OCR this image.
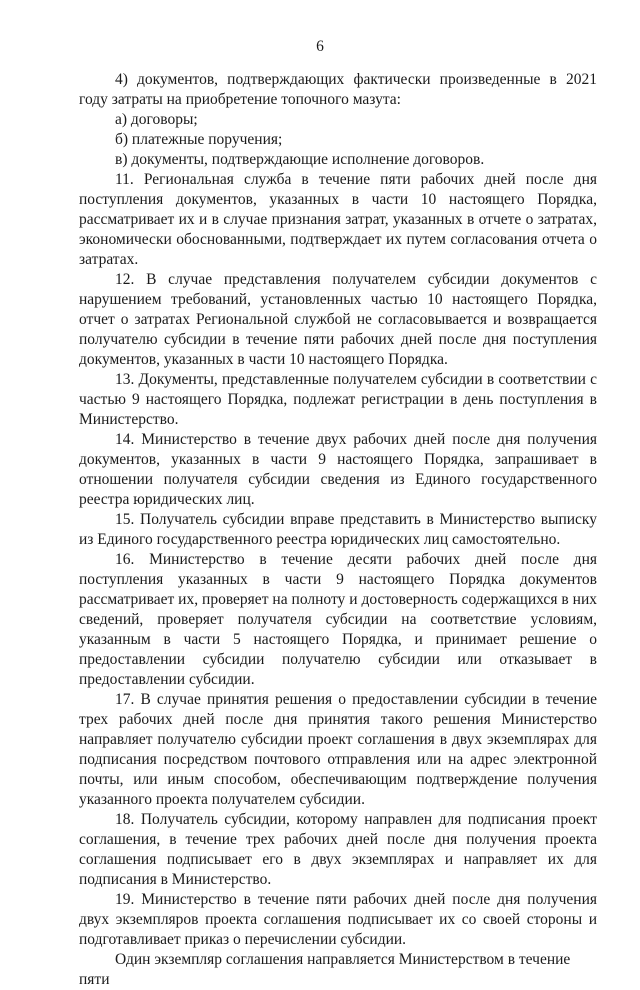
6

4) документов, подтверждающих фактически произведенные в 2021 году затраты на приобретение топочного мазута:

а) договоры;

б) платежные поручения;

в) документы, подтверждающие исполнение договоров.

11. Региональная служба в течение пяти рабочих дней после дня поступления документов, указанных в части 10 настоящего Порядка, рассматривает их и в случае признания затрат, указанных в отчете о затратах, экономически обоснованными, подтверждает их путем согласования отчета о затратах.

12. В случае представления получателем субсидии документов с нарушением требований, установленных частью 10 настоящего Порядка, отчет о затратах Региональной службой не согласовывается и возвращается получателю субсидии в течение пяти рабочих дней после дня поступления документов, указанных в части 10 настоящего Порядка.

13. Документы, представленные получателем субсидии в соответствии с частью 9 настоящего Порядка, подлежат регистрации в день поступления в Министерство.

14. Министерство в течение двух рабочих дней после дня получения документов, указанных в части 9 настоящего Порядка, запрашивает в отношении получателя субсидии сведения из Единого государственного реестра юридических лиц.

15. Получатель субсидии вправе представить в Министерство выписку из Единого государственного реестра юридических лиц самостоятельно.

16. Министерство в течение десяти рабочих дней после дня поступления указанных в части 9 настоящего Порядка документов рассматривает их, проверяет на полноту и достоверность содержащихся в них сведений, проверяет получателя субсидии на соответствие условиям, указанным в части 5 настоящего Порядка, и принимает решение о предоставлении субсидии получателю субсидии или отказывает в предоставлении субсидии.

17. В случае принятия решения о предоставлении субсидии в течение трех рабочих дней после дня принятия такого решения Министерство направляет получателю субсидии проект соглашения в двух экземплярах для подписания посредством почтового отправления или на адрес электронной почты, или иным способом, обеспечивающим подтверждение получения указанного проекта получателем субсидии.

18. Получатель субсидии, которому направлен для подписания проект соглашения, в течение трех рабочих дней после дня получения проекта соглашения подписывает его в двух экземплярах и направляет их для подписания в Министерство.

19. Министерство в течение пяти рабочих дней после дня получения двух экземпляров проекта соглашения подписывает их со своей стороны и подготавливает приказ о перечислении субсидии.

Один экземпляр соглашения направляется Министерством в течение пяти
